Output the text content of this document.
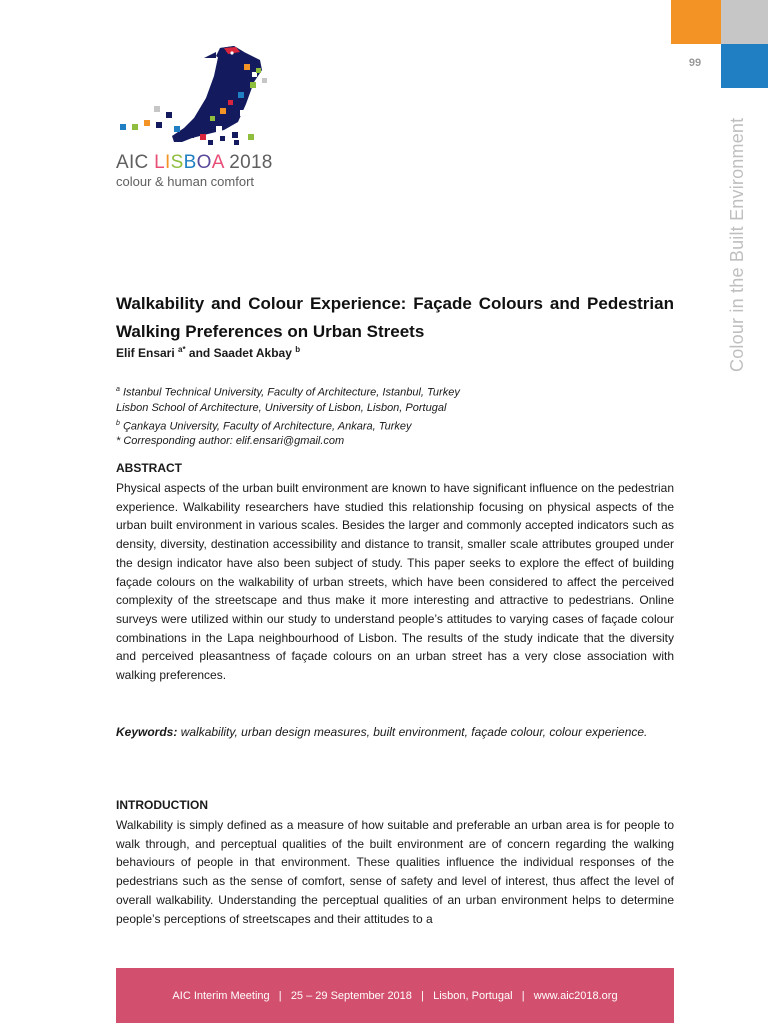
99
Colour in the Built Environment
AIC LISBOA 2018
colour & human comfort
Walkability and Colour Experience: Façade Colours and Pedestrian Walking Preferences on Urban Streets
Elif Ensari $^{a*}$ and Saadet Akbay $^b$
$^a$ Istanbul Technical University, Faculty of Architecture, Istanbul, Turkey
Lisbon School of Architecture, University of Lisbon, Lisbon, Portugal
$^b$ Çankaya University, Faculty of Architecture, Ankara, Turkey
* Corresponding author: elif.ensari@gmail.com
ABSTRACT

Physical aspects of the urban built environment are known to have significant influence on the pedestrian experience. Walkability researchers have studied this relationship focusing on physical aspects of the urban built environment in various scales. Besides the larger and commonly accepted indicators such as density, diversity, destination accessibility and distance to transit, smaller scale attributes grouped under the design indicator have also been subject of study. This paper seeks to explore the effect of building façade colours on the walkability of urban streets, which have been considered to affect the perceived complexity of the streetscape and thus make it more interesting and attractive to pedestrians. Online surveys were utilized within our study to understand people’s attitudes to varying cases of façade colour combinations in the Lapa neighbourhood of Lisbon. The results of the study indicate that the diversity and perceived pleasantness of façade colours on an urban street has a very close association with walking preferences.

Keywords: walkability, urban design measures, built environment, façade colour, colour experience.

INTRODUCTION

Walkability is simply defined as a measure of how suitable and preferable an urban area is for people to walk through, and perceptual qualities of the built environment are of concern regarding the walking behaviours of people in that environment. These qualities influence the individual responses of the pedestrians such as the sense of comfort, sense of safety and level of interest, thus affect the level of overall walkability. Understanding the perceptual qualities of an urban environment helps to determine people’s perceptions of streetscapes and their attitudes to a

AIC Interim Meeting   |   25 – 29 September 2018   |   Lisbon, Portugal   |   www.aic2018.org
